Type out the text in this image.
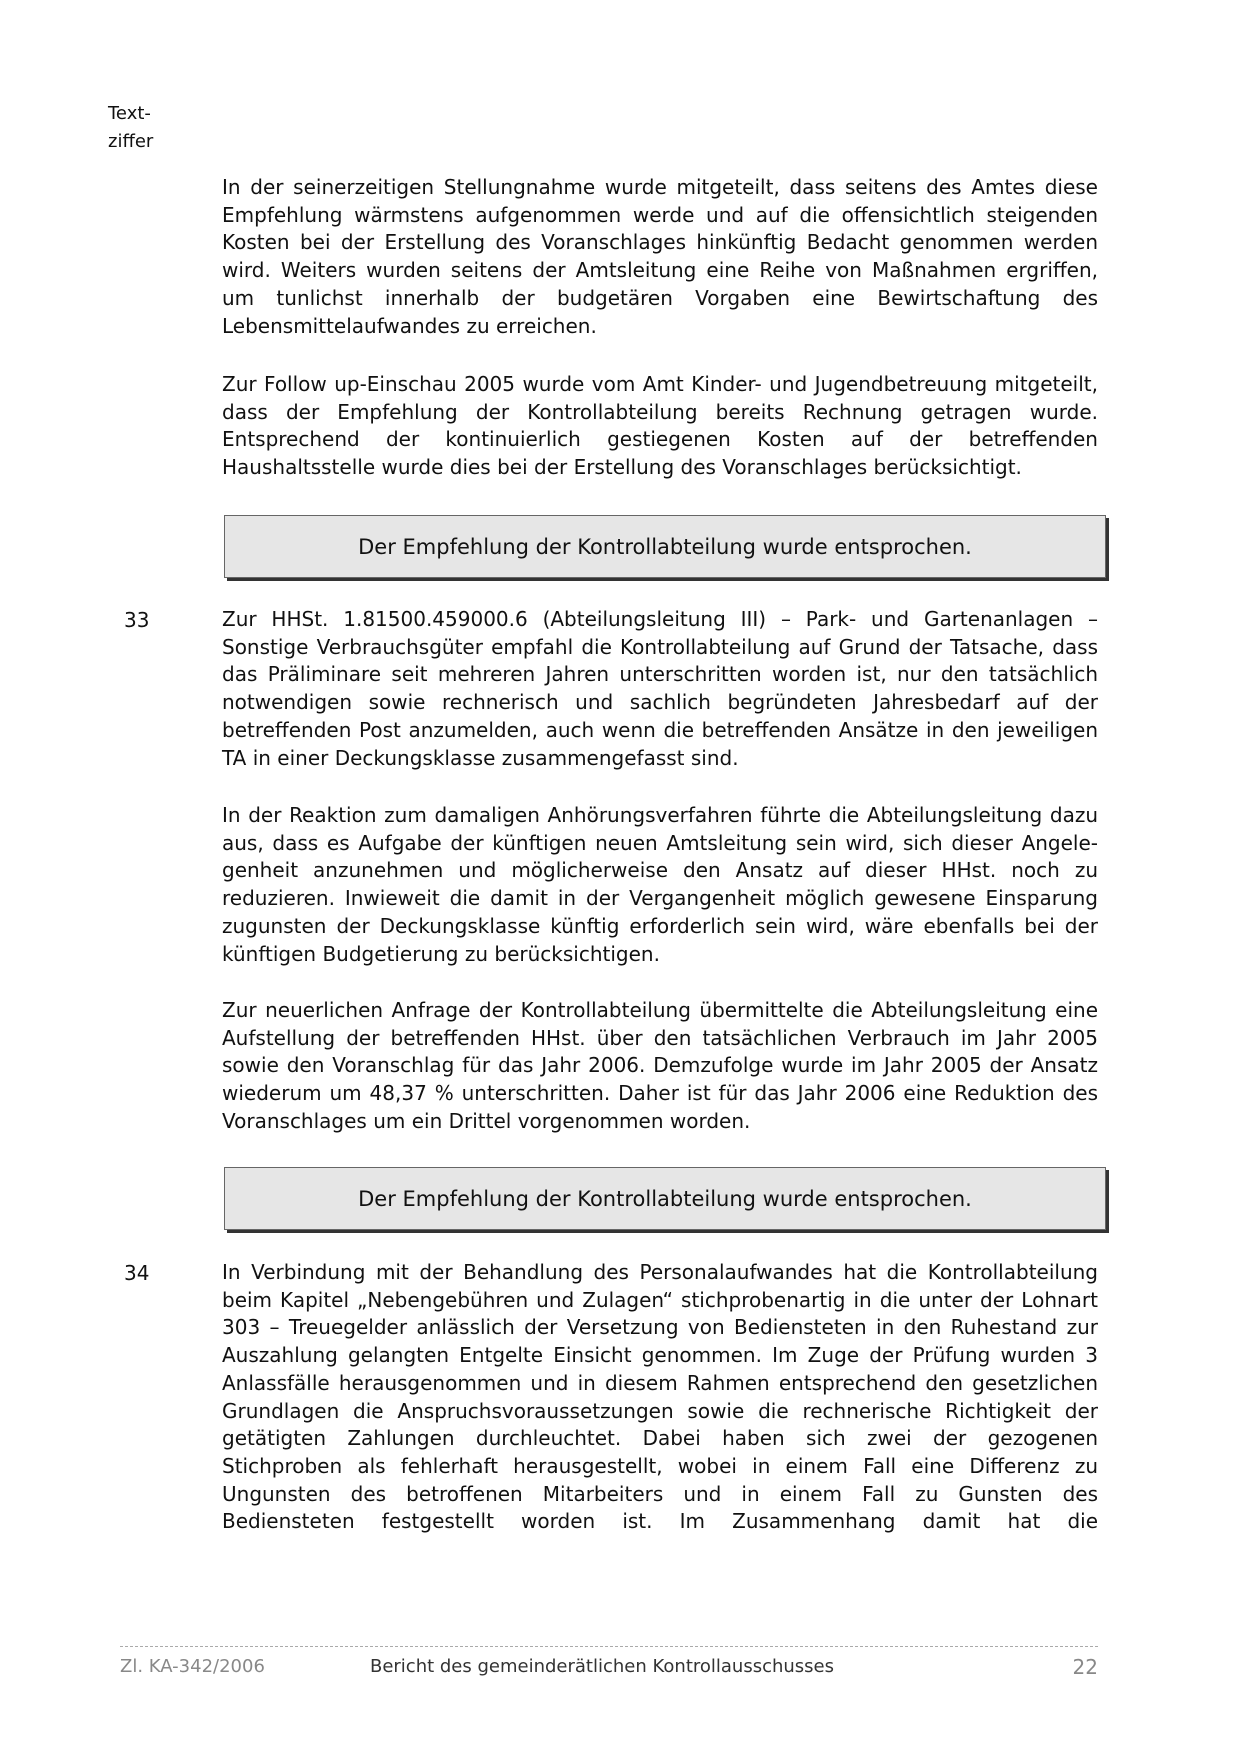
Text-
ziffer

In der seinerzeitigen Stellungnahme wurde mitgeteilt, dass seitens des Amtes diese Empfehlung wärmstens aufgenommen werde und auf die offensichtlich steigenden Kosten bei der Erstellung des Voranschlages hinkünftig Bedacht genommen werden wird. Weiters wurden seitens der Amtsleitung eine Reihe von Maßnahmen ergriffen, um tunlichst innerhalb der budgetären Vorgaben eine Bewirtschaftung des Lebensmittelaufwandes zu erreichen.

Zur Follow up-Einschau 2005 wurde vom Amt Kinder- und Jugendbetreuung mitgeteilt, dass der Empfehlung der Kontrollabteilung bereits Rechnung getragen wurde. Entsprechend der kontinuierlich gestiegenen Kosten auf der betreffenden Haushaltsstelle wurde dies bei der Erstellung des Voranschlages berücksichtigt.

Der Empfehlung der Kontrollabteilung wurde entsprochen.
33	Zur HHSt. 1.81500.459000.6 (Abteilungsleitung III) – Park- und Gartenanlagen – Sonstige Verbrauchsgüter empfahl die Kontrollabteilung auf Grund der Tatsache, dass das Präliminare seit mehreren Jahren unterschritten worden ist, nur den tatsächlich notwendigen sowie rechnerisch und sachlich begründeten Jahresbedarf auf der betreffenden Post anzumelden, auch wenn die betreffenden Ansätze in den jeweiligen TA in einer Deckungsklasse zusammengefasst sind.

In der Reaktion zum damaligen Anhörungsverfahren führte die Abteilungsleitung dazu aus, dass es Aufgabe der künftigen neuen Amtsleitung sein wird, sich dieser Angelegenheit anzunehmen und möglicherweise den Ansatz auf dieser HHst. noch zu reduzieren. Inwieweit die damit in der Vergangenheit möglich gewesene Einsparung zugunsten der Deckungsklasse künftig erforderlich sein wird, wäre ebenfalls bei der künftigen Budgetierung zu berücksichtigen.

Zur neuerlichen Anfrage der Kontrollabteilung übermittelte die Abteilungsleitung eine Aufstellung der betreffenden HHst. über den tatsächlichen Verbrauch im Jahr 2005 sowie den Voranschlag für das Jahr 2006. Demzufolge wurde im Jahr 2005 der Ansatz wiederum um 48,37 % unterschritten. Daher ist für das Jahr 2006 eine Reduktion des Voranschlages um ein Drittel vorgenommen worden.

Der Empfehlung der Kontrollabteilung wurde entsprochen.
34	In Verbindung mit der Behandlung des Personalaufwandes hat die Kontrollabteilung beim Kapitel „Nebengebühren und Zulagen“ stichprobenartig in die unter der Lohnart 303 – Treuegelder anlässlich der Versetzung von Bediensteten in den Ruhestand zur Auszahlung gelangten Entgelte Einsicht genommen. Im Zuge der Prüfung wurden 3 Anlassfälle herausgenommen und in diesem Rahmen entsprechend den gesetzlichen Grundlagen die Anspruchsvoraussetzungen sowie die rechnerische Richtigkeit der getätigten Zahlungen durchleuchtet. Dabei haben sich zwei der gezogenen Stichproben als fehlerhaft herausgestellt, wobei in einem Fall eine Differenz zu Ungunsten des betroffenen Mitarbeiters und in einem Fall zu Gunsten des Bediensteten festgestellt worden ist. Im Zusammenhang damit hat die

Zl. KA-342/2006	Bericht des gemeinderätlichen Kontrollausschusses	22
